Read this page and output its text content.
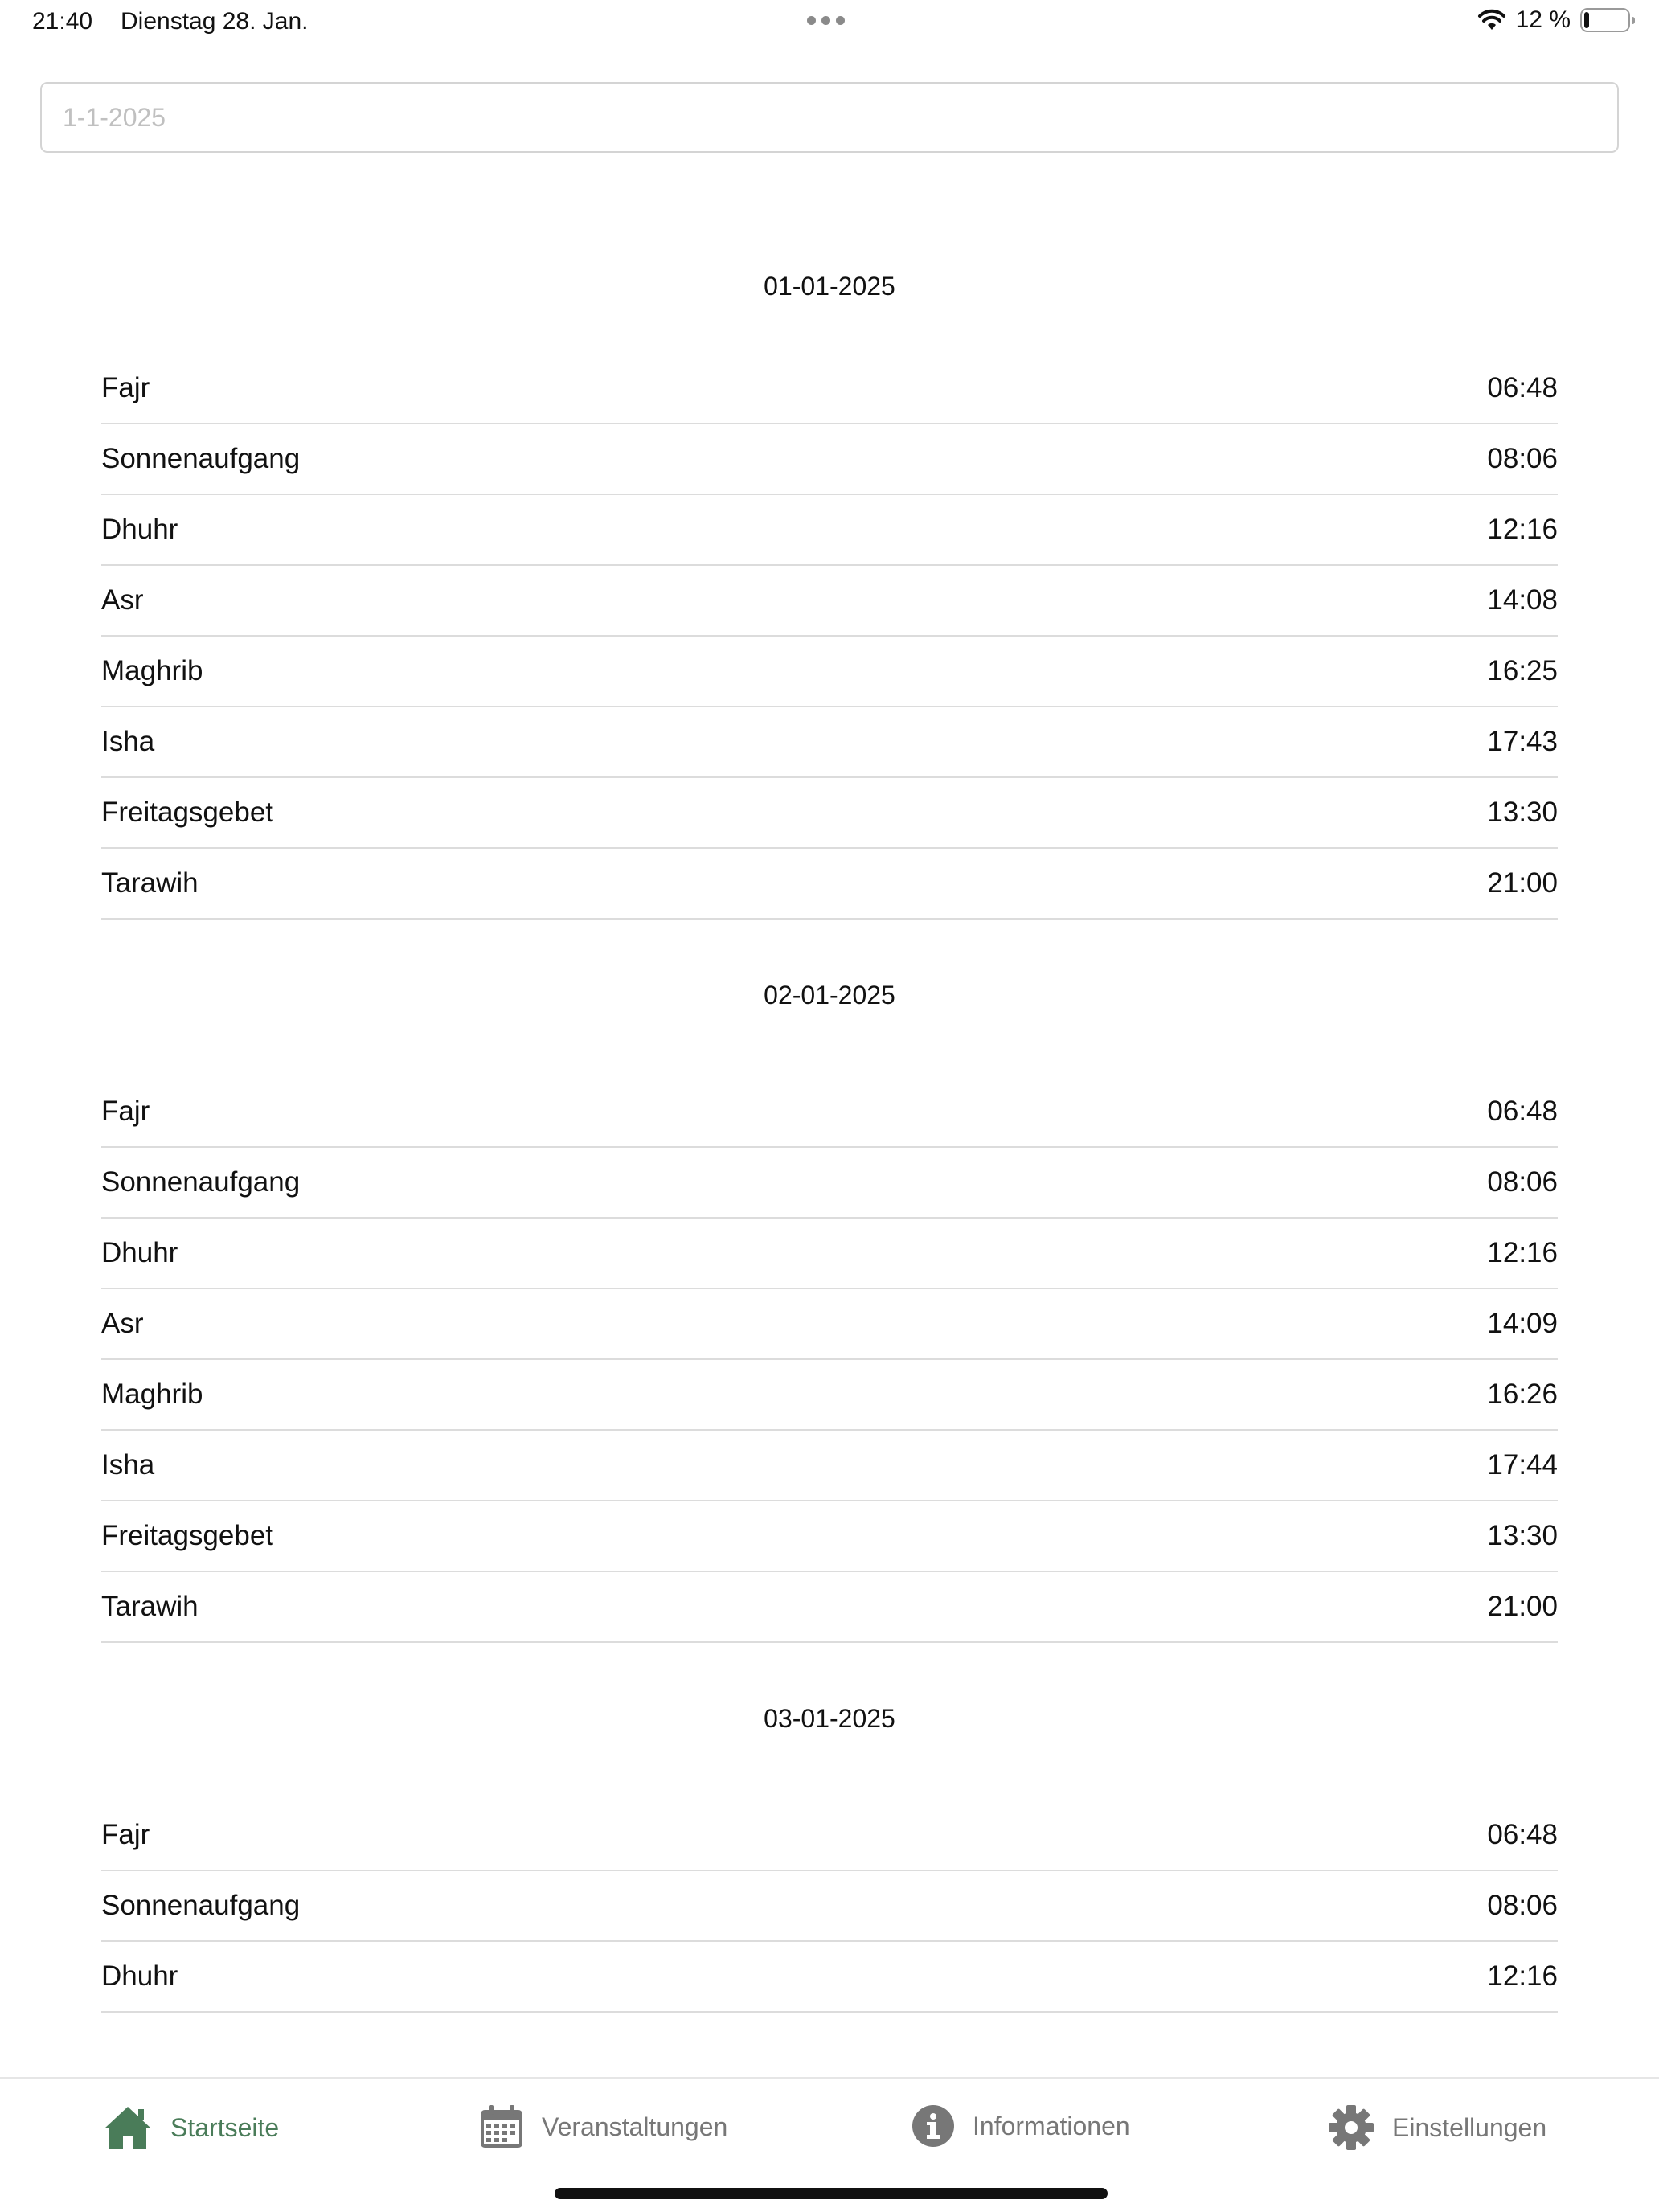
21:40 Dienstag 28. Jan.	12 %
1-1-2025
01-01-2025
Fajr	06:48
Sonnenaufgang	08:06
Dhuhr	12:16
Asr	14:08
Maghrib	16:25
Isha	17:43
Freitagsgebet	13:30
Tarawih	21:00
02-01-2025
Fajr	06:48
Sonnenaufgang	08:06
Dhuhr	12:16
Asr	14:09
Maghrib	16:26
Isha	17:44
Freitagsgebet	13:30
Tarawih	21:00
03-01-2025
Fajr	06:48
Sonnenaufgang	08:06
Dhuhr	12:16
Startseite	Veranstaltungen	Informationen	Einstellungen
